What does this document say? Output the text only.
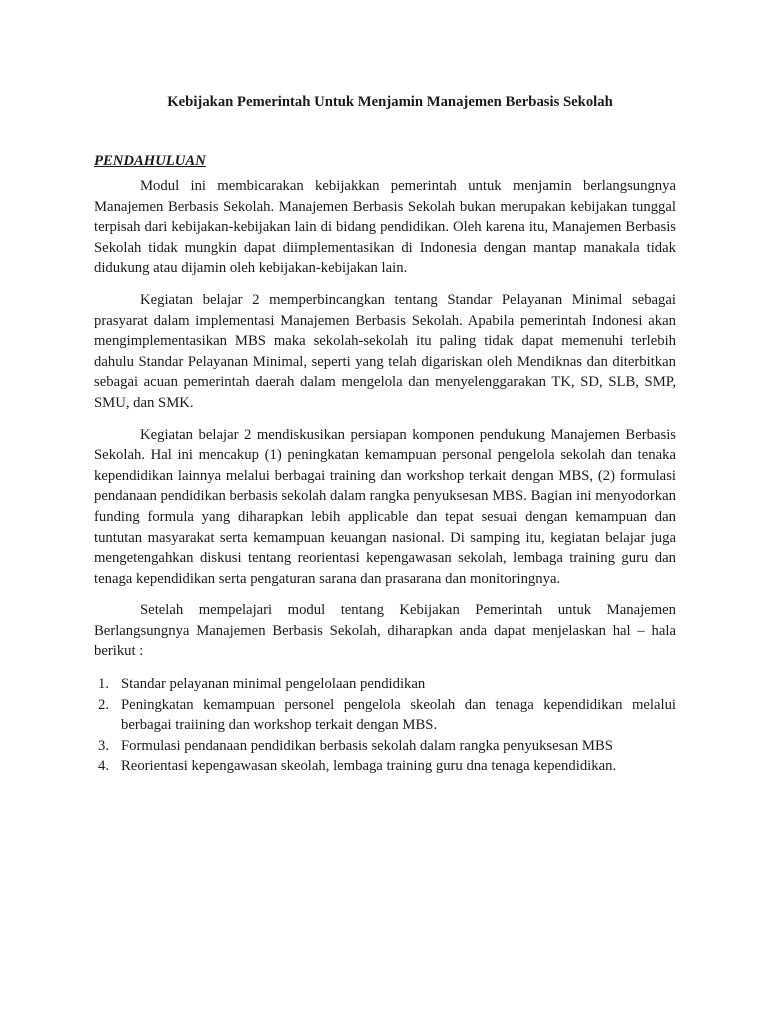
Kebijakan Pemerintah Untuk Menjamin Manajemen Berbasis Sekolah
PENDAHULUAN

Modul ini membicarakan kebijakkan pemerintah untuk menjamin berlangsungnya Manajemen Berbasis Sekolah. Manajemen Berbasis Sekolah bukan merupakan kebijakan tunggal terpisah dari kebijakan-kebijakan lain di bidang pendidikan. Oleh karena itu, Manajemen Berbasis Sekolah tidak mungkin dapat diimplementasikan di Indonesia dengan mantap manakala tidak didukung atau dijamin oleh kebijakan-kebijakan lain.

Kegiatan belajar 2 memperbincangkan tentang Standar Pelayanan Minimal sebagai prasyarat dalam implementasi Manajemen Berbasis Sekolah. Apabila pemerintah Indonesi akan mengimplementasikan MBS maka sekolah-sekolah itu paling tidak dapat memenuhi terlebih dahulu Standar Pelayanan Minimal, seperti yang telah digariskan oleh Mendiknas dan diterbitkan sebagai acuan pemerintah daerah dalam mengelola dan menyelenggarakan TK, SD, SLB, SMP, SMU, dan SMK.

Kegiatan belajar 2 mendiskusikan persiapan komponen pendukung Manajemen Berbasis Sekolah. Hal ini mencakup (1) peningkatan kemampuan personal pengelola sekolah dan tenaka kependidikan lainnya melalui berbagai training dan workshop terkait dengan MBS, (2) formulasi pendanaan pendidikan berbasis sekolah dalam rangka penyuksesan MBS. Bagian ini menyodorkan funding formula yang diharapkan lebih applicable dan tepat sesuai dengan kemampuan dan tuntutan masyarakat serta kemampuan keuangan nasional. Di samping itu, kegiatan belajar juga mengetengahkan diskusi tentang reorientasi kepengawasan sekolah, lembaga training guru dan tenaga kependidikan serta pengaturan sarana dan prasarana dan monitoringnya.

Setelah mempelajari modul tentang Kebijakan Pemerintah untuk Manajemen Berlangsungnya Manajemen Berbasis Sekolah, diharapkan anda dapat menjelaskan hal – hala berikut :

1. Standar pelayanan minimal pengelolaan pendidikan
2. Peningkatan kemampuan personel pengelola skeolah dan tenaga kependidikan melalui berbagai traiining dan workshop terkait dengan MBS.
3. Formulasi pendanaan pendidikan berbasis sekolah dalam rangka penyuksesan MBS
4. Reorientasi kepengawasan skeolah, lembaga training guru dna tenaga kependidikan.
